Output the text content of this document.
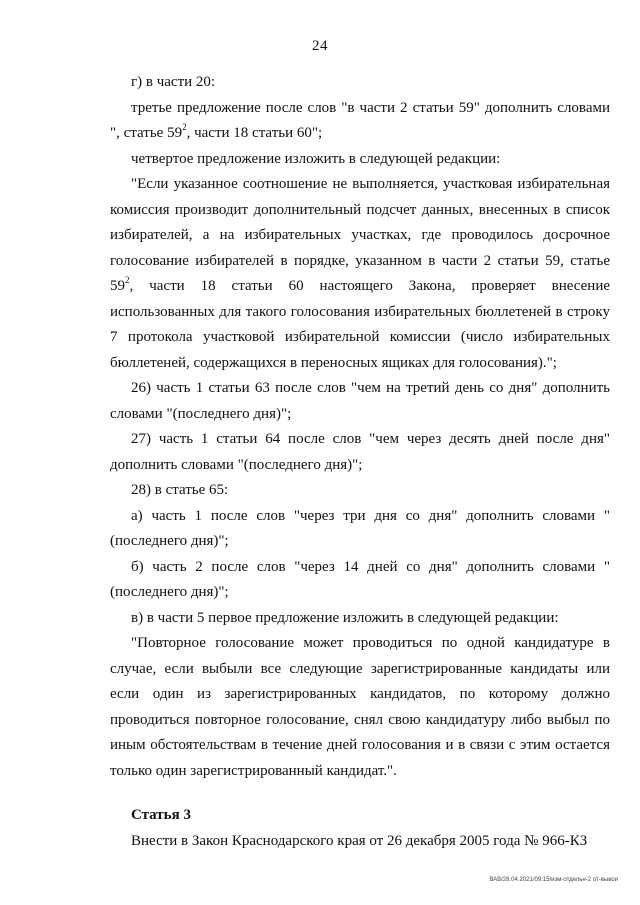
24

г) в части 20:

третье предложение после слов "в части 2 статьи 59" дополнить словами ", статье $59^2$, части 18 статьи 60";

четвертое предложение изложить в следующей редакции:

"Если указанное соотношение не выполняется, участковая избирательная комиссия производит дополнительный подсчет данных, внесенных в список избирателей, а на избирательных участках, где проводилось досрочное голосование избирателей в порядке, указанном в части 2 статьи 59, статье $59^2$, части 18 статьи 60 настоящего Закона, проверяет внесение использованных для такого голосования избирательных бюллетеней в строку 7 протокола участковой избирательной комиссии (число избирательных бюллетеней, содержащихся в переносных ящиках для голосования).";

26) часть 1 статьи 63 после слов "чем на третий день со дня" дополнить словами "(последнего дня)";

27) часть 1 статьи 64 после слов "чем через десять дней после дня" дополнить словами "(последнего дня)";

28) в статье 65:

а) часть 1 после слов "через три дня со дня" дополнить словами "(последнего дня)";

б) часть 2 после слов "через 14 дней со дня" дополнить словами "(последнего дня)";

в) в части 5 первое предложение изложить в следующей редакции:

"Повторное голосование может проводиться по одной кандидатуре в случае, если выбыли все следующие зарегистрированные кандидаты или если один из зарегистрированных кандидатов, по которому должно проводиться повторное голосование, снял свою кандидатуру либо выбыл по иным обстоятельствам в течение дней голосования и в связи с этим остается только один зарегистрированный кандидат.".

Статья 3

Внести в Закон Краснодарского края от 26 декабря 2005 года № 966-КЗ

ВАВ/28.04.2021/09:15/изм-отдельн-2 от-вывои
